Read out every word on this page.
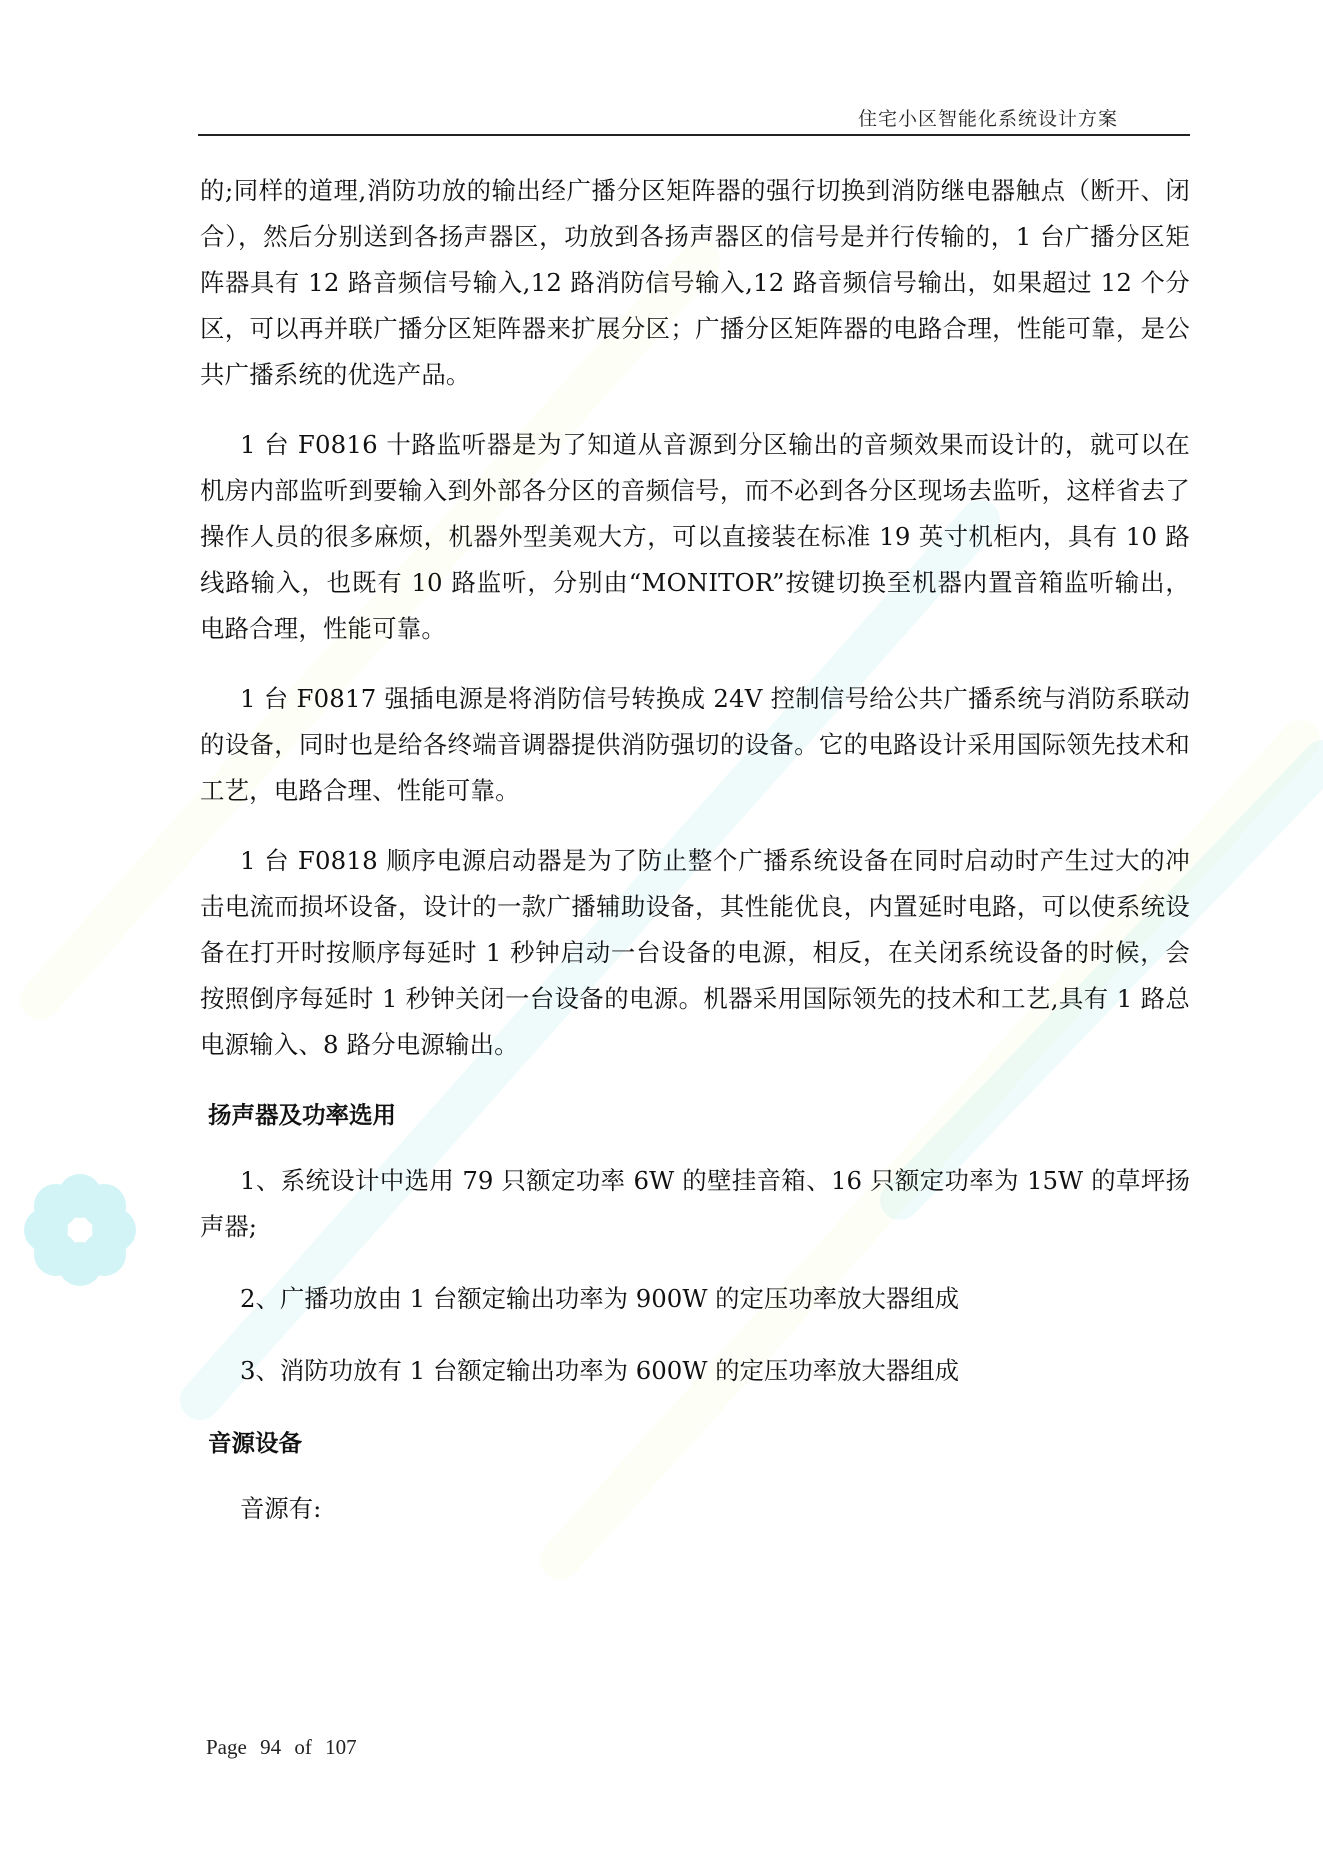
住宅小区智能化系统设计方案

的;同样的道理,消防功放的输出经广播分区矩阵器的强行切换到消防继电器触点（断开、闭合），然后分别送到各扬声器区，功放到各扬声器区的信号是并行传输的，1 台广播分区矩阵器具有 12 路音频信号输入,12 路消防信号输入,12 路音频信号输出，如果超过 12 个分区，可以再并联广播分区矩阵器来扩展分区；广播分区矩阵器的电路合理，性能可靠，是公共广播系统的优选产品。

1 台 F0816 十路监听器是为了知道从音源到分区输出的音频效果而设计的，就可以在机房内部监听到要输入到外部各分区的音频信号，而不必到各分区现场去监听，这样省去了操作人员的很多麻烦，机器外型美观大方，可以直接装在标准 19 英寸机柜内，具有 10 路线路输入，也既有 10 路监听，分别由“MONITOR”按键切换至机器内置音箱监听输出，电路合理，性能可靠。

1 台 F0817 强插电源是将消防信号转换成 24V 控制信号给公共广播系统与消防系联动的设备，同时也是给各终端音调器提供消防强切的设备。它的电路设计采用国际领先技术和工艺，电路合理、性能可靠。

1 台 F0818 顺序电源启动器是为了防止整个广播系统设备在同时启动时产生过大的冲击电流而损坏设备，设计的一款广播辅助设备，其性能优良，内置延时电路，可以使系统设备在打开时按顺序每延时 1 秒钟启动一台设备的电源，相反，在关闭系统设备的时候，会按照倒序每延时 1 秒钟关闭一台设备的电源。机器采用国际领先的技术和工艺,具有 1 路总电源输入、8 路分电源输出。

扬声器及功率选用

1、系统设计中选用 79 只额定功率 6W 的壁挂音箱、16 只额定功率为 15W 的草坪扬声器;

2、广播功放由 1 台额定输出功率为 900W 的定压功率放大器组成

3、消防功放有 1 台额定输出功率为 600W 的定压功率放大器组成

音源设备

音源有:

Page 94 of 107
